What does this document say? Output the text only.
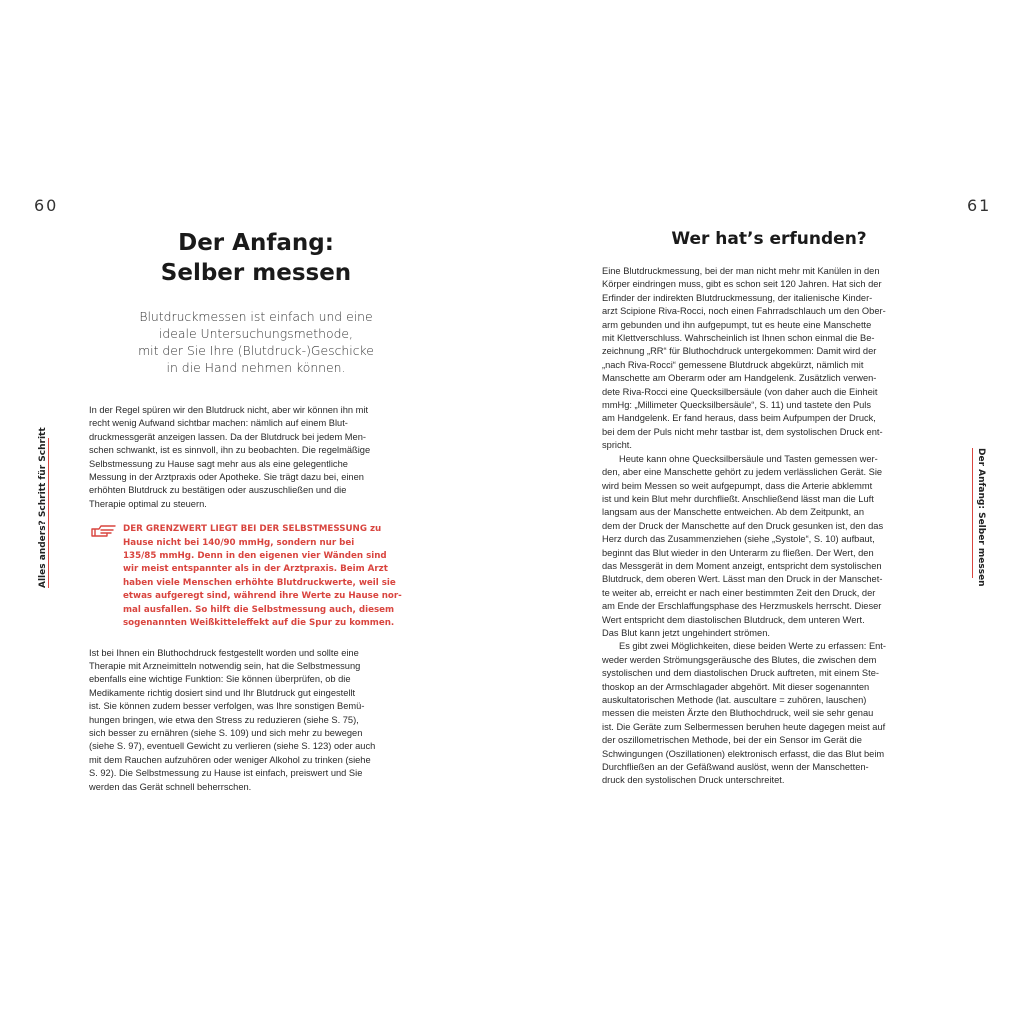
60	61
Alles anders? Schritt für Schritt	Der Anfang: Selber messen
Der Anfang:
Selber messen
Blutdruckmessen ist einfach und eine
ideale Untersuchungsmethode,
mit der Sie Ihre (Blutdruck-)Geschicke
in die Hand nehmen können.

In der Regel spüren wir den Blutdruck nicht, aber wir können ihn mit
recht wenig Aufwand sichtbar machen: nämlich auf einem Blut-
druckmessgerät anzeigen lassen. Da der Blutdruck bei jedem Men-
schen schwankt, ist es sinnvoll, ihn zu beobachten. Die regelmäßige
Selbstmessung zu Hause sagt mehr aus als eine gelegentliche
Messung in der Arztpraxis oder Apotheke. Sie trägt dazu bei, einen
erhöhten Blutdruck zu bestätigen oder auszuschließen und die
Therapie optimal zu steuern.

DER GRENZWERT LIEGT BEI DER SELBSTMESSUNG zu
Hause nicht bei 140/90 mmHg, sondern nur bei
135/85 mmHg. Denn in den eigenen vier Wänden sind
wir meist entspannter als in der Arztpraxis. Beim Arzt
haben viele Menschen erhöhte Blutdruckwerte, weil sie
etwas aufgeregt sind, während ihre Werte zu Hause nor-
mal ausfallen. So hilft die Selbstmessung auch, diesem
sogenannten Weißkitteleffekt auf die Spur zu kommen.

Ist bei Ihnen ein Bluthochdruck festgestellt worden und sollte eine
Therapie mit Arzneimitteln notwendig sein, hat die Selbstmessung
ebenfalls eine wichtige Funktion: Sie können überprüfen, ob die
Medikamente richtig dosiert sind und Ihr Blutdruck gut eingestellt
ist. Sie können zudem besser verfolgen, was Ihre sonstigen Bemü-
hungen bringen, wie etwa den Stress zu reduzieren (siehe S. 75),
sich besser zu ernähren (siehe S. 109) und sich mehr zu bewegen
(siehe S. 97), eventuell Gewicht zu verlieren (siehe S. 123) oder auch
mit dem Rauchen aufzuhören oder weniger Alkohol zu trinken (siehe
S. 92). Die Selbstmessung zu Hause ist einfach, preiswert und Sie
werden das Gerät schnell beherrschen.

Wer hat’s erfunden?

Eine Blutdruckmessung, bei der man nicht mehr mit Kanülen in den
Körper eindringen muss, gibt es schon seit 120 Jahren. Hat sich der
Erfinder der indirekten Blutdruckmessung, der italienische Kinder-
arzt Scipione Riva-Rocci, noch einen Fahrradschlauch um den Ober-
arm gebunden und ihn aufgepumpt, tut es heute eine Manschette
mit Klettverschluss. Wahrscheinlich ist Ihnen schon einmal die Be-
zeichnung „RR“ für Bluthochdruck untergekommen: Damit wird der
„nach Riva-Rocci“ gemessene Blutdruck abgekürzt, nämlich mit
Manschette am Oberarm oder am Handgelenk. Zusätzlich verwen-
dete Riva-Rocci eine Quecksilbersäule (von daher auch die Einheit
mmHg: „Millimeter Quecksilbersäule“, S. 11) und tastete den Puls
am Handgelenk. Er fand heraus, dass beim Aufpumpen der Druck,
bei dem der Puls nicht mehr tastbar ist, dem systolischen Druck ent-
spricht.

Heute kann ohne Quecksilbersäule und Tasten gemessen wer-
den, aber eine Manschette gehört zu jedem verlässlichen Gerät. Sie
wird beim Messen so weit aufgepumpt, dass die Arterie abklemmt
ist und kein Blut mehr durchfließt. Anschließend lässt man die Luft
langsam aus der Manschette entweichen. Ab dem Zeitpunkt, an
dem der Druck der Manschette auf den Druck gesunken ist, den das
Herz durch das Zusammenziehen (siehe „Systole“, S. 10) aufbaut,
beginnt das Blut wieder in den Unterarm zu fließen. Der Wert, den
das Messgerät in dem Moment anzeigt, entspricht dem systolischen
Blutdruck, dem oberen Wert. Lässt man den Druck in der Manschet-
te weiter ab, erreicht er nach einer bestimmten Zeit den Druck, der
am Ende der Erschlaffungsphase des Herzmuskels herrscht. Dieser
Wert entspricht dem diastolischen Blutdruck, dem unteren Wert.
Das Blut kann jetzt ungehindert strömen.

Es gibt zwei Möglichkeiten, diese beiden Werte zu erfassen: Ent-
weder werden Strömungsgeräusche des Blutes, die zwischen dem
systolischen und dem diastolischen Druck auftreten, mit einem Ste-
thoskop an der Armschlagader abgehört. Mit dieser sogenannten
auskultatorischen Methode (lat. auscultare = zuhören, lauschen)
messen die meisten Ärzte den Bluthochdruck, weil sie sehr genau
ist. Die Geräte zum Selbermessen beruhen heute dagegen meist auf
der oszillometrischen Methode, bei der ein Sensor im Gerät die
Schwingungen (Oszillationen) elektronisch erfasst, die das Blut beim
Durchfließen an der Gefäßwand auslöst, wenn der Manschetten-
druck den systolischen Druck unterschreitet.
